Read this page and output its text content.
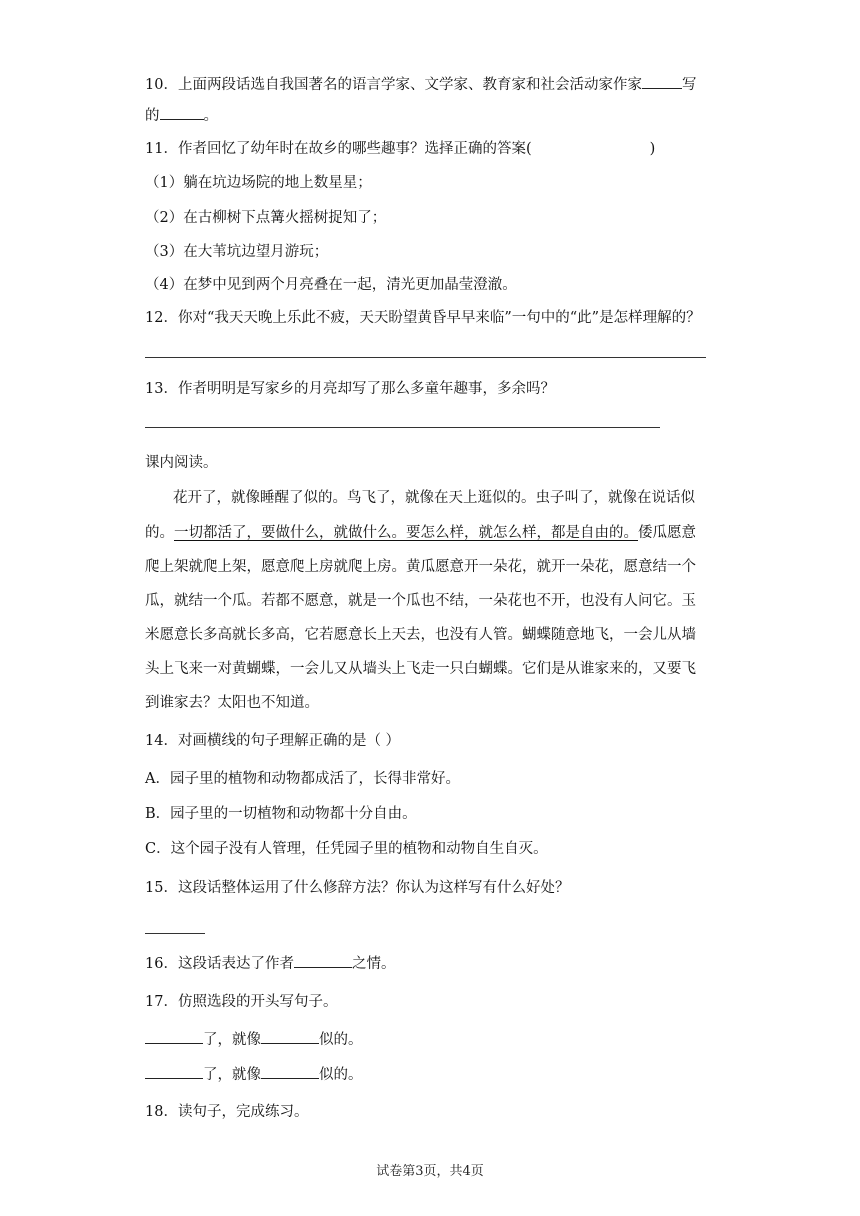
10．上面两段话选自我国著名的语言学家、文学家、教育家和社会活动家作家	写
的	。
11．作者回忆了幼年时在故乡的哪些趣事？选择正确的答案(	)
（1）躺在坑边场院的地上数星星；
（2）在古柳树下点篝火摇树捉知了；
（3）在大苇坑边望月游玩；
（4）在梦中见到两个月亮叠在一起，清光更加晶莹澄澈。
12．你对“我天天晚上乐此不疲，天天盼望黄昏早早来临”一句中的“此”是怎样理解的？
13．作者明明是写家乡的月亮却写了那么多童年趣事，多余吗？
课内阅读。
花开了，就像睡醒了似的。鸟飞了，就像在天上逛似的。虫子叫了，就像在说话似
的。一切都活了，要做什么，就做什么。要怎么样，就怎么样，都是自由的。倭瓜愿意
爬上架就爬上架，愿意爬上房就爬上房。黄瓜愿意开一朵花，就开一朵花，愿意结一个
瓜，就结一个瓜。若都不愿意，就是一个瓜也不结，一朵花也不开，也没有人问它。玉
米愿意长多高就长多高，它若愿意长上天去，也没有人管。蝴蝶随意地飞，一会儿从墙
头上飞来一对黄蝴蝶，一会儿又从墙头上飞走一只白蝴蝶。它们是从谁家来的，又要飞
到谁家去？太阳也不知道。
14．对画横线的句子理解正确的是（ ）
A．园子里的植物和动物都成活了，长得非常好。
B．园子里的一切植物和动物都十分自由。
C．这个园子没有人管理，任凭园子里的植物和动物自生自灭。
15．这段话整体运用了什么修辞方法？你认为这样写有什么好处？
16．这段话表达了作者	之情。
17．仿照选段的开头写句子。
了，就像	似的。
了，就像	似的。
18．读句子，完成练习。
试卷第3页，共4页
